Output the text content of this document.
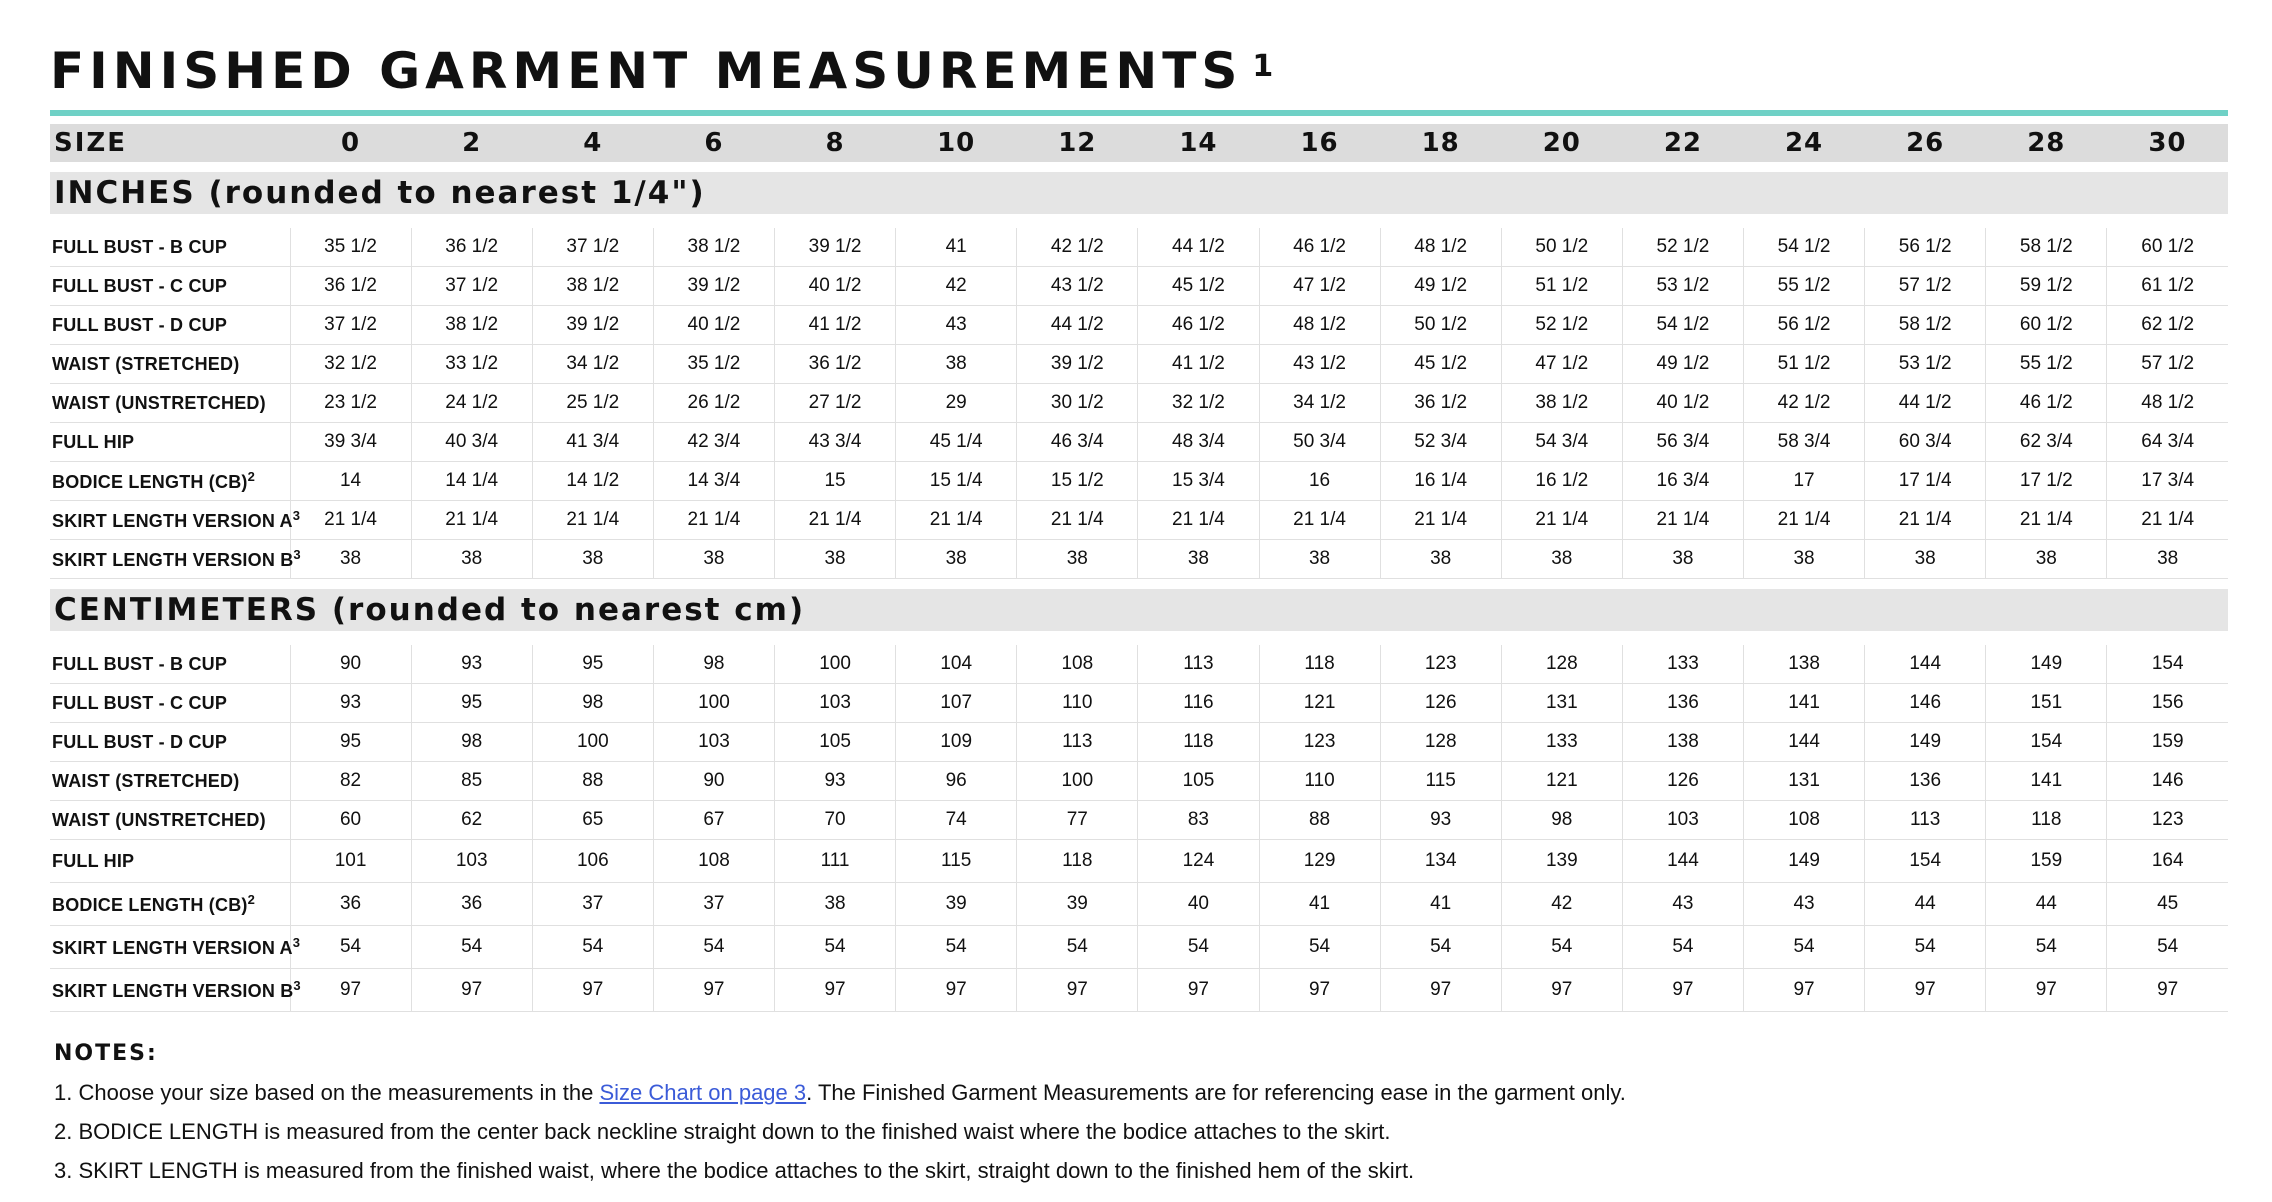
FINISHED GARMENT MEASUREMENTS $^1$
SIZE	0	2	4	6	8	10	12	14	16	18	20	22	24	26	28	30

INCHES (rounded to nearest 1/4")																

FULL BUST - B CUP	35 1/2	36 1/2	37 1/2	38 1/2	39 1/2	41	42 1/2	44 1/2	46 1/2	48 1/2	50 1/2	52 1/2	54 1/2	56 1/2	58 1/2	60 1/2
FULL BUST - C CUP	36 1/2	37 1/2	38 1/2	39 1/2	40 1/2	42	43 1/2	45 1/2	47 1/2	49 1/2	51 1/2	53 1/2	55 1/2	57 1/2	59 1/2	61 1/2
FULL BUST - D CUP	37 1/2	38 1/2	39 1/2	40 1/2	41 1/2	43	44 1/2	46 1/2	48 1/2	50 1/2	52 1/2	54 1/2	56 1/2	58 1/2	60 1/2	62 1/2
WAIST (STRETCHED)	32 1/2	33 1/2	34 1/2	35 1/2	36 1/2	38	39 1/2	41 1/2	43 1/2	45 1/2	47 1/2	49 1/2	51 1/2	53 1/2	55 1/2	57 1/2
WAIST (UNSTRETCHED)	23 1/2	24 1/2	25 1/2	26 1/2	27 1/2	29	30 1/2	32 1/2	34 1/2	36 1/2	38 1/2	40 1/2	42 1/2	44 1/2	46 1/2	48 1/2
FULL HIP	39 3/4	40 3/4	41 3/4	42 3/4	43 3/4	45 1/4	46 3/4	48 3/4	50 3/4	52 3/4	54 3/4	56 3/4	58 3/4	60 3/4	62 3/4	64 3/4
BODICE LENGTH (CB)$^2$	14	14 1/4	14 1/2	14 3/4	15	15 1/4	15 1/2	15 3/4	16	16 1/4	16 1/2	16 3/4	17	17 1/4	17 1/2	17 3/4
SKIRT LENGTH VERSION $A^3$	21 1/4	21 1/4	21 1/4	21 1/4	21 1/4	21 1/4	21 1/4	21 1/4	21 1/4	21 1/4	21 1/4	21 1/4	21 1/4	21 1/4	21 1/4	21 1/4
SKIRT LENGTH VERSION $B^3$	38	38	38	38	38	38	38	38	38	38	38	38	38	38	38	38

CENTIMETERS (rounded to nearest cm)																

FULL BUST - B CUP	90	93	95	98	100	104	108	113	118	123	128	133	138	144	149	154
FULL BUST - C CUP	93	95	98	100	103	107	110	116	121	126	131	136	141	146	151	156
FULL BUST - D CUP	95	98	100	103	105	109	113	118	123	128	133	138	144	149	154	159
WAIST (STRETCHED)	82	85	88	90	93	96	100	105	110	115	121	126	131	136	141	146
WAIST (UNSTRETCHED)	60	62	65	67	70	74	77	83	88	93	98	103	108	113	118	123
FULL HIP	101	103	106	108	111	115	118	124	129	134	139	144	149	154	159	164
BODICE LENGTH (CB)$^2$	36	36	37	37	38	39	39	40	41	41	42	43	43	44	44	45
SKIRT LENGTH VERSION $A^3$	54	54	54	54	54	54	54	54	54	54	54	54	54	54	54	54
SKIRT LENGTH VERSION $B^3$	97	97	97	97	97	97	97	97	97	97	97	97	97	97	97	97
NOTES:
1. Choose your size based on the measurements in the Size Chart on page 3. The Finished Garment Measurements are for referencing ease in the garment only.
2. BODICE LENGTH is measured from the center back neckline straight down to the finished waist where the bodice attaches to the skirt.
3. SKIRT LENGTH is measured from the finished waist, where the bodice attaches to the skirt, straight down to the finished hem of the skirt.
